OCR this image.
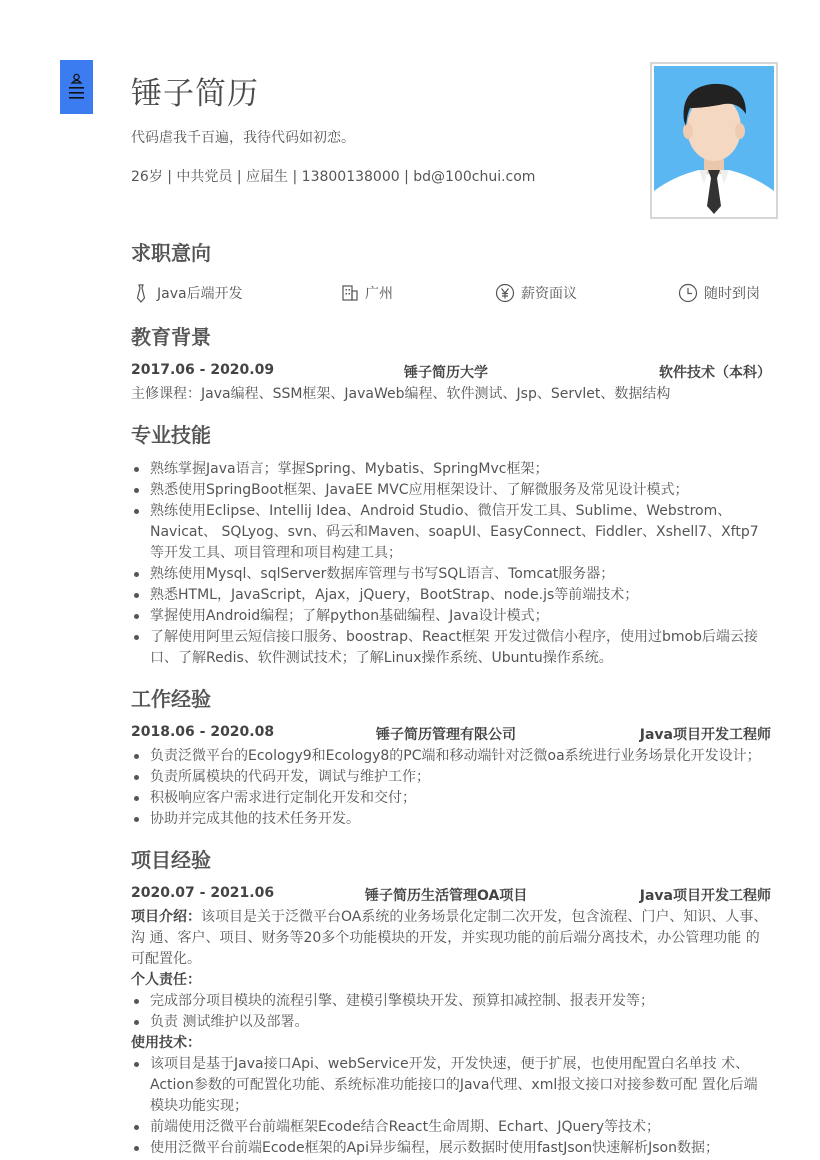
锤子简历
代码虐我千百遍，我待代码如初恋。
26岁 | 中共党员 | 应届生 | 13800138000 | bd@100chui.com
求职意向
Java后端开发	广州	薪资面议	随时到岗
教育背景
2017.06 - 2020.09	锤子简历大学	软件技术（本科）
主修课程：Java编程、SSM框架、JavaWeb编程、软件测试、Jsp、Servlet、数据结构
专业技能
熟练掌握Java语言；掌握Spring、Mybatis、SpringMvc框架；
熟悉使用SpringBoot框架、JavaEE MVC应用框架设计、了解微服务及常见设计模式；
熟练使用Eclipse、Intellij Idea、Android Studio、微信开发工具、Sublime、Webstrom、Navicat、 SQLyog、svn、码云和Maven、soapUI、EasyConnect、Fiddler、Xshell7、Xftp7等开发工具、项目管理和项目构建工具；
熟练使用Mysql、sqlServer数据库管理与书写SQL语言、Tomcat服务器；
熟悉HTML，JavaScript，Ajax，jQuery，BootStrap、node.js等前端技术；
掌握使用Android编程；了解python基础编程、Java设计模式；
了解使用阿里云短信接口服务、boostrap、React框架 开发过微信小程序，使用过bmob后端云接口、了解Redis、软件测试技术；了解Linux操作系统、Ubuntu操作系统。
工作经验
2018.06 - 2020.08	锤子简历管理有限公司	Java项目开发工程师
负责泛微平台的Ecology9和Ecology8的PC端和移动端针对泛微oa系统进行业务场景化开发设计；
负责所属模块的代码开发，调试与维护工作；
积极响应客户需求进行定制化开发和交付；
协助并完成其他的技术任务开发。
项目经验
2020.07 - 2021.06	锤子简历生活管理OA项目	Java项目开发工程师
项目介绍：该项目是关于泛微平台OA系统的业务场景化定制二次开发，包含流程、门户、知识、人事、沟 通、客户、项目、财务等20多个功能模块的开发，并实现功能的前后端分离技术，办公管理功能 的可配置化。
个人责任：
完成部分项目模块的流程引擎、建模引擎模块开发、预算扣减控制、报表开发等；
负责 测试维护以及部署。
使用技术：
该项目是基于Java接口Api、webService开发，开发快速，便于扩展，也使用配置白名单技 术、Action参数的可配置化功能、系统标准功能接口的Java代理、xml报文接口对接参数可配 置化后端模块功能实现；
前端使用泛微平台前端框架Ecode结合React生命周期、Echart、JQuery等技术；
使用泛微平台前端Ecode框架的Api异步编程，展示数据时使用fastJson快速解析Json数据；
